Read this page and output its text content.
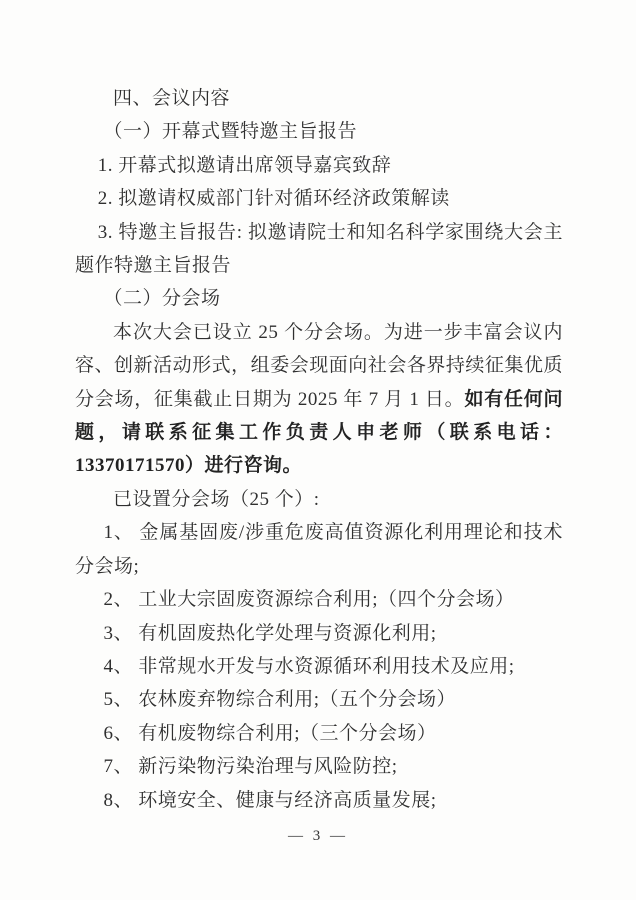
四、会议内容

（一）开幕式暨特邀主旨报告

1. 开幕式拟邀请出席领导嘉宾致辞

2. 拟邀请权威部门针对循环经济政策解读

3. 特邀主旨报告: 拟邀请院士和知名科学家围绕大会主题作特邀主旨报告

（二）分会场

本次大会已设立 25 个分会场。为进一步丰富会议内容、创新活动形式，组委会现面向社会各界持续征集优质分会场，征集截止日期为 2025 年 7 月 1 日。如有任何问题，请联系征集工作负责人申老师（联系电话：13370171570）进行咨询。

已设置分会场（25 个）:

1、 金属基固废/涉重危废高值资源化利用理论和技术分会场;

2、 工业大宗固废资源综合利用;（四个分会场）

3、 有机固废热化学处理与资源化利用;

4、 非常规水开发与水资源循环利用技术及应用;

5、 农林废弃物综合利用;（五个分会场）

6、 有机废物综合利用;（三个分会场）

7、 新污染物污染治理与风险防控;

8、 环境安全、健康与经济高质量发展;

— 3 —
